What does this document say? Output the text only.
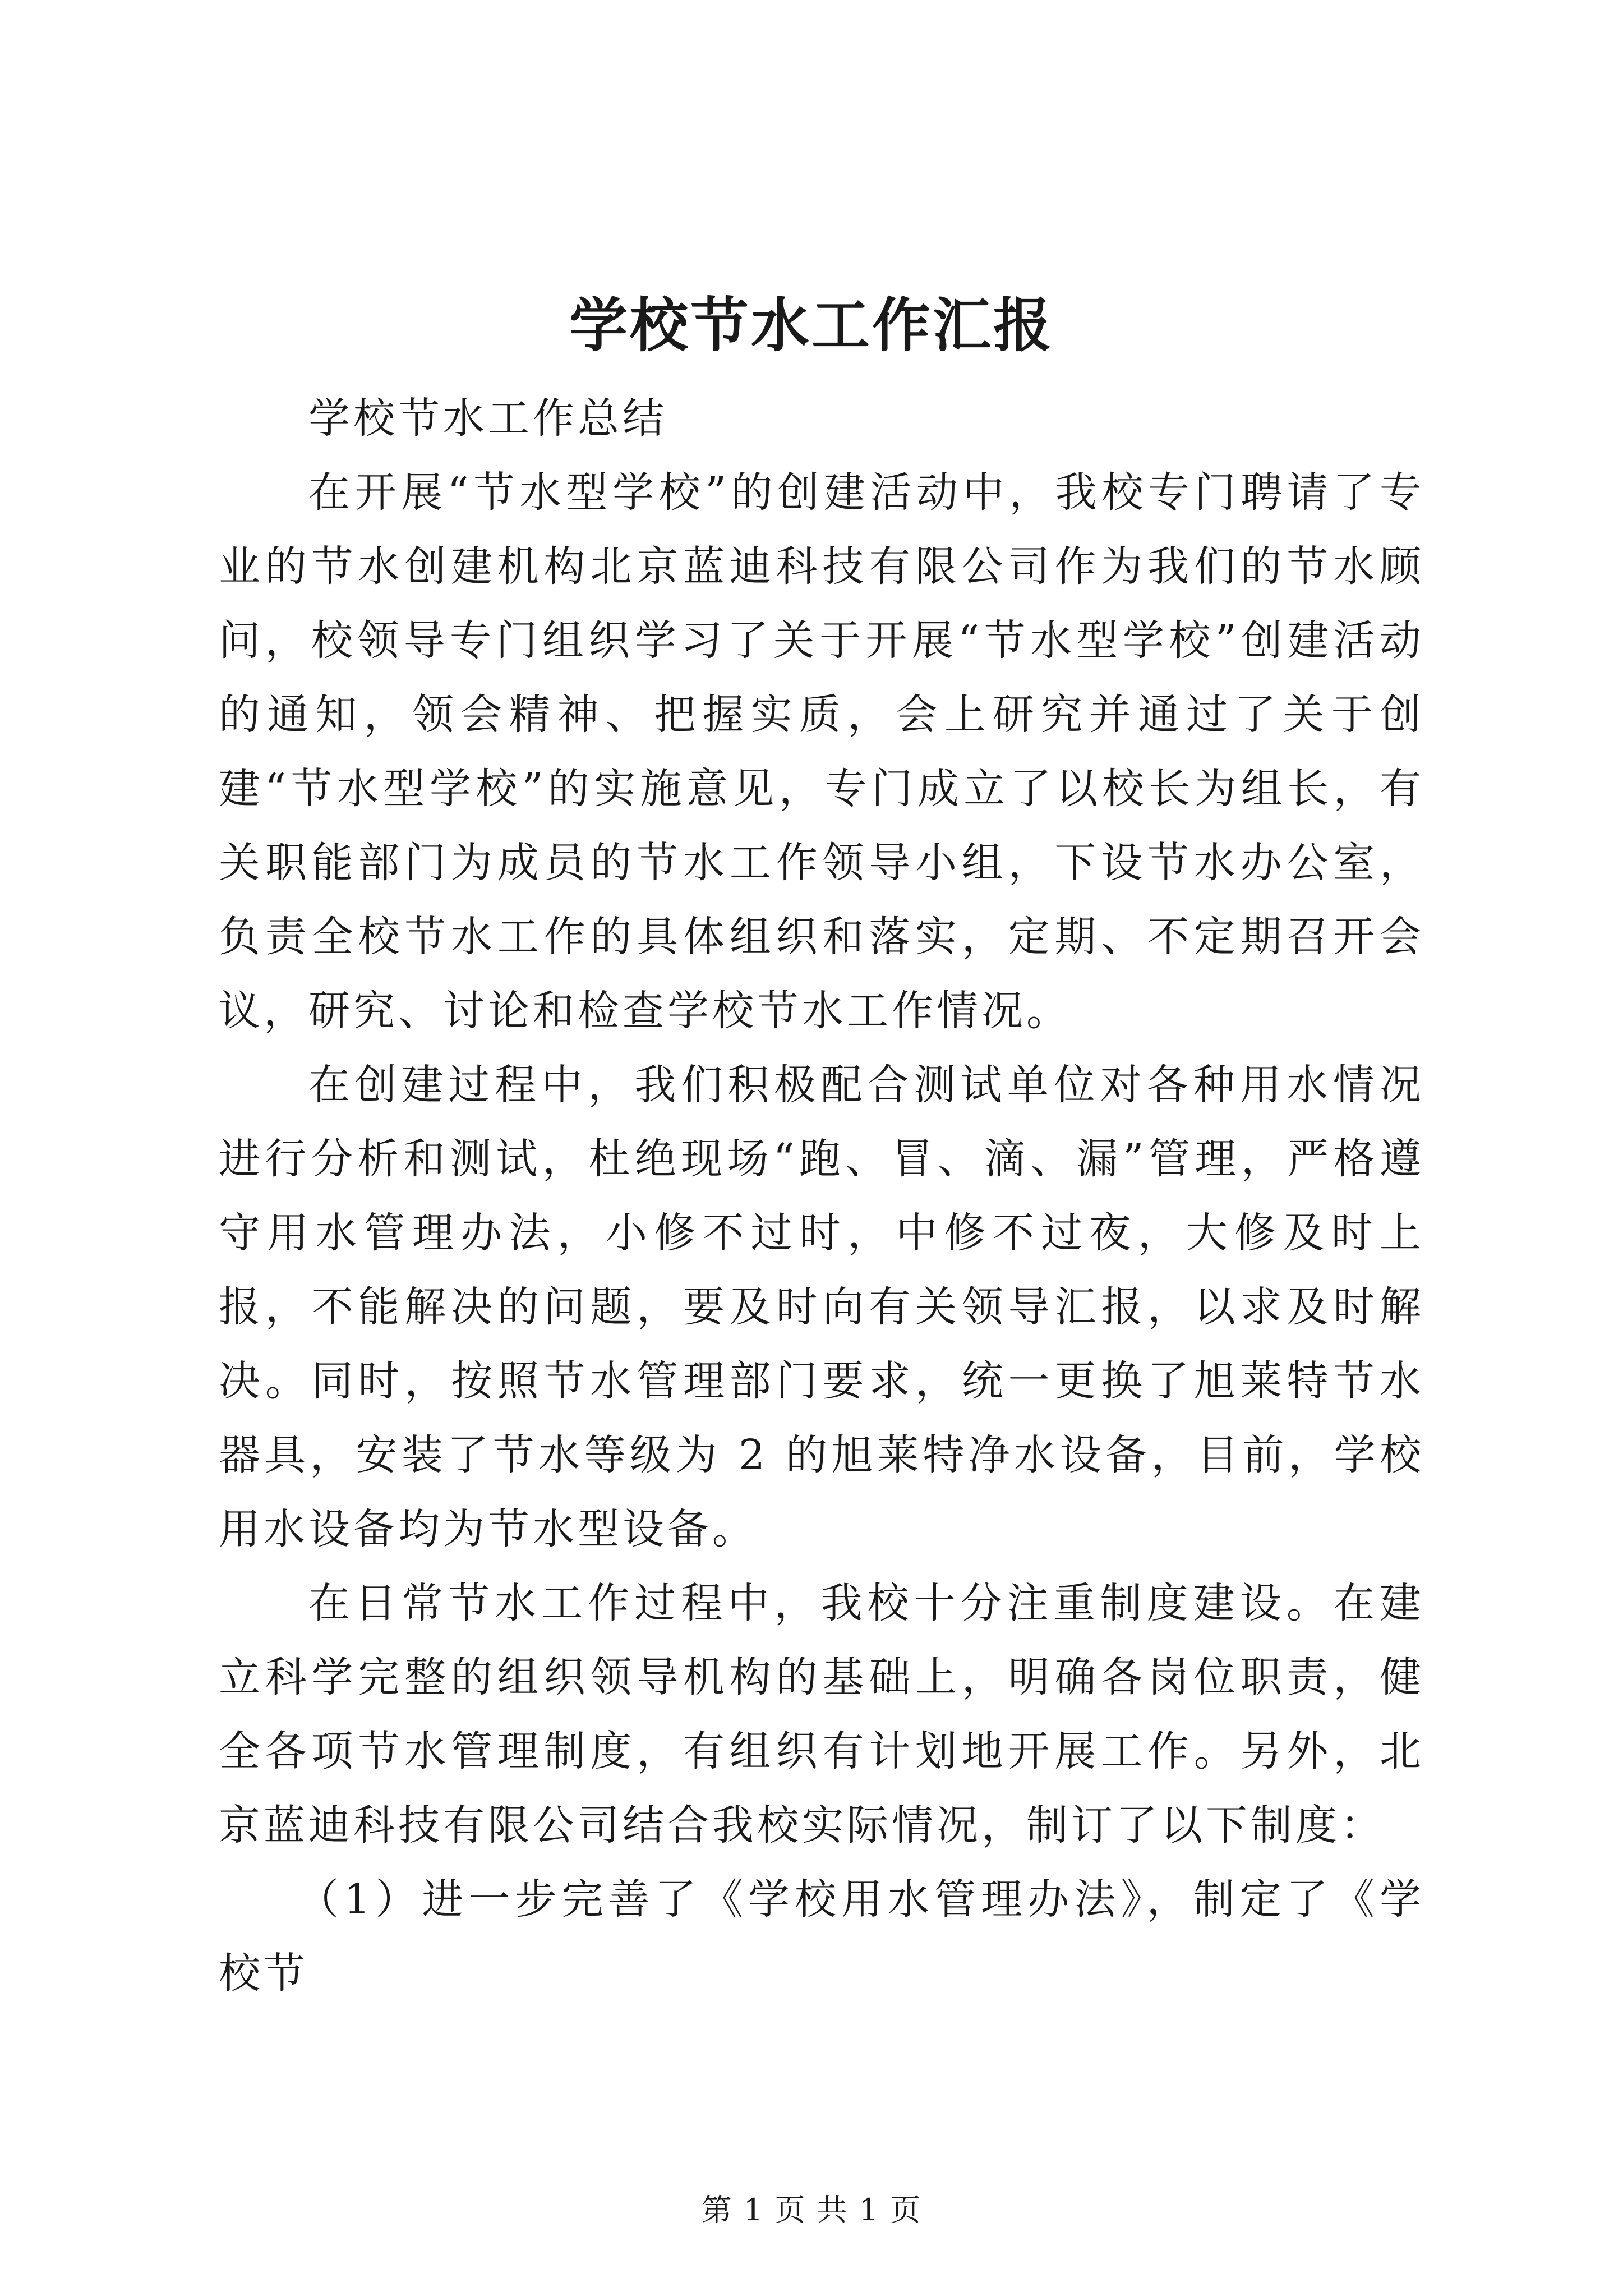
学校节水工作汇报

学校节水工作总结

在开展“节水型学校”的创建活动中，我校专门聘请了专业的节水创建机构北京蓝迪科技有限公司作为我们的节水顾问，校领导专门组织学习了关于开展“节水型学校”创建活动的通知，领会精神、把握实质，会上研究并通过了关于创建“节水型学校”的实施意见，专门成立了以校长为组长，有关职能部门为成员的节水工作领导小组，下设节水办公室，负责全校节水工作的具体组织和落实，定期、不定期召开会议，研究、讨论和检查学校节水工作情况。

在创建过程中，我们积极配合测试单位对各种用水情况进行分析和测试，杜绝现场“跑、冒、滴、漏”管理，严格遵守用水管理办法，小修不过时，中修不过夜，大修及时上报，不能解决的问题，要及时向有关领导汇报，以求及时解决。同时，按照节水管理部门要求，统一更换了旭莱特节水器具，安装了节水等级为 2 的旭莱特净水设备，目前，学校用水设备均为节水型设备。

在日常节水工作过程中，我校十分注重制度建设。在建立科学完整的组织领导机构的基础上，明确各岗位职责，健全各项节水管理制度，有组织有计划地开展工作。另外，北京蓝迪科技有限公司结合我校实际情况，制订了以下制度：

（1）进一步完善了《学校用水管理办法》，制定了《学校节

第 1 页 共 1 页
